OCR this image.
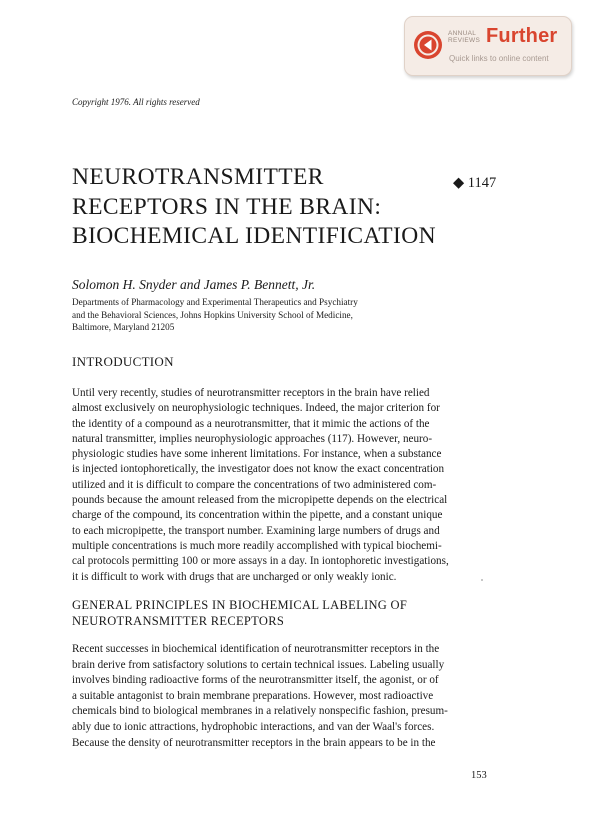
ANNUAL
REVIEWS Further
Quick links to online content
Copyright 1976. All rights reserved
NEUROTRANSMITTER
RECEPTORS IN THE BRAIN:
BIOCHEMICAL IDENTIFICATION
◆ 1147
Solomon H. Snyder and James P. Bennett, Jr.
Departments of Pharmacology and Experimental Therapeutics and Psychiatry
and the Behavioral Sciences, Johns Hopkins University School of Medicine,
Baltimore, Maryland 21205
INTRODUCTION
Until very recently, studies of neurotransmitter receptors in the brain have relied
almost exclusively on neurophysiologic techniques. Indeed, the major criterion for
the identity of a compound as a neurotransmitter, that it mimic the actions of the
natural transmitter, implies neurophysiologic approaches (117). However, neuro-
physiologic studies have some inherent limitations. For instance, when a substance
is injected iontophoretically, the investigator does not know the exact concentration
utilized and it is difficult to compare the concentrations of two administered com-
pounds because the amount released from the micropipette depends on the electrical
charge of the compound, its concentration within the pipette, and a constant unique
to each micropipette, the transport number. Examining large numbers of drugs and
multiple concentrations is much more readily accomplished with typical biochemi-
cal protocols permitting 100 or more assays in a day. In iontophoretic investigations,
it is difficult to work with drugs that are uncharged or only weakly ionic.
GENERAL PRINCIPLES IN BIOCHEMICAL LABELING OF
NEUROTRANSMITTER RECEPTORS
Recent successes in biochemical identification of neurotransmitter receptors in the
brain derive from satisfactory solutions to certain technical issues. Labeling usually
involves binding radioactive forms of the neurotransmitter itself, the agonist, or of
a suitable antagonist to brain membrane preparations. However, most radioactive
chemicals bind to biological membranes in a relatively nonspecific fashion, presum-
ably due to ionic attractions, hydrophobic interactions, and van der Waal's forces.
Because the density of neurotransmitter receptors in the brain appears to be in the
153
